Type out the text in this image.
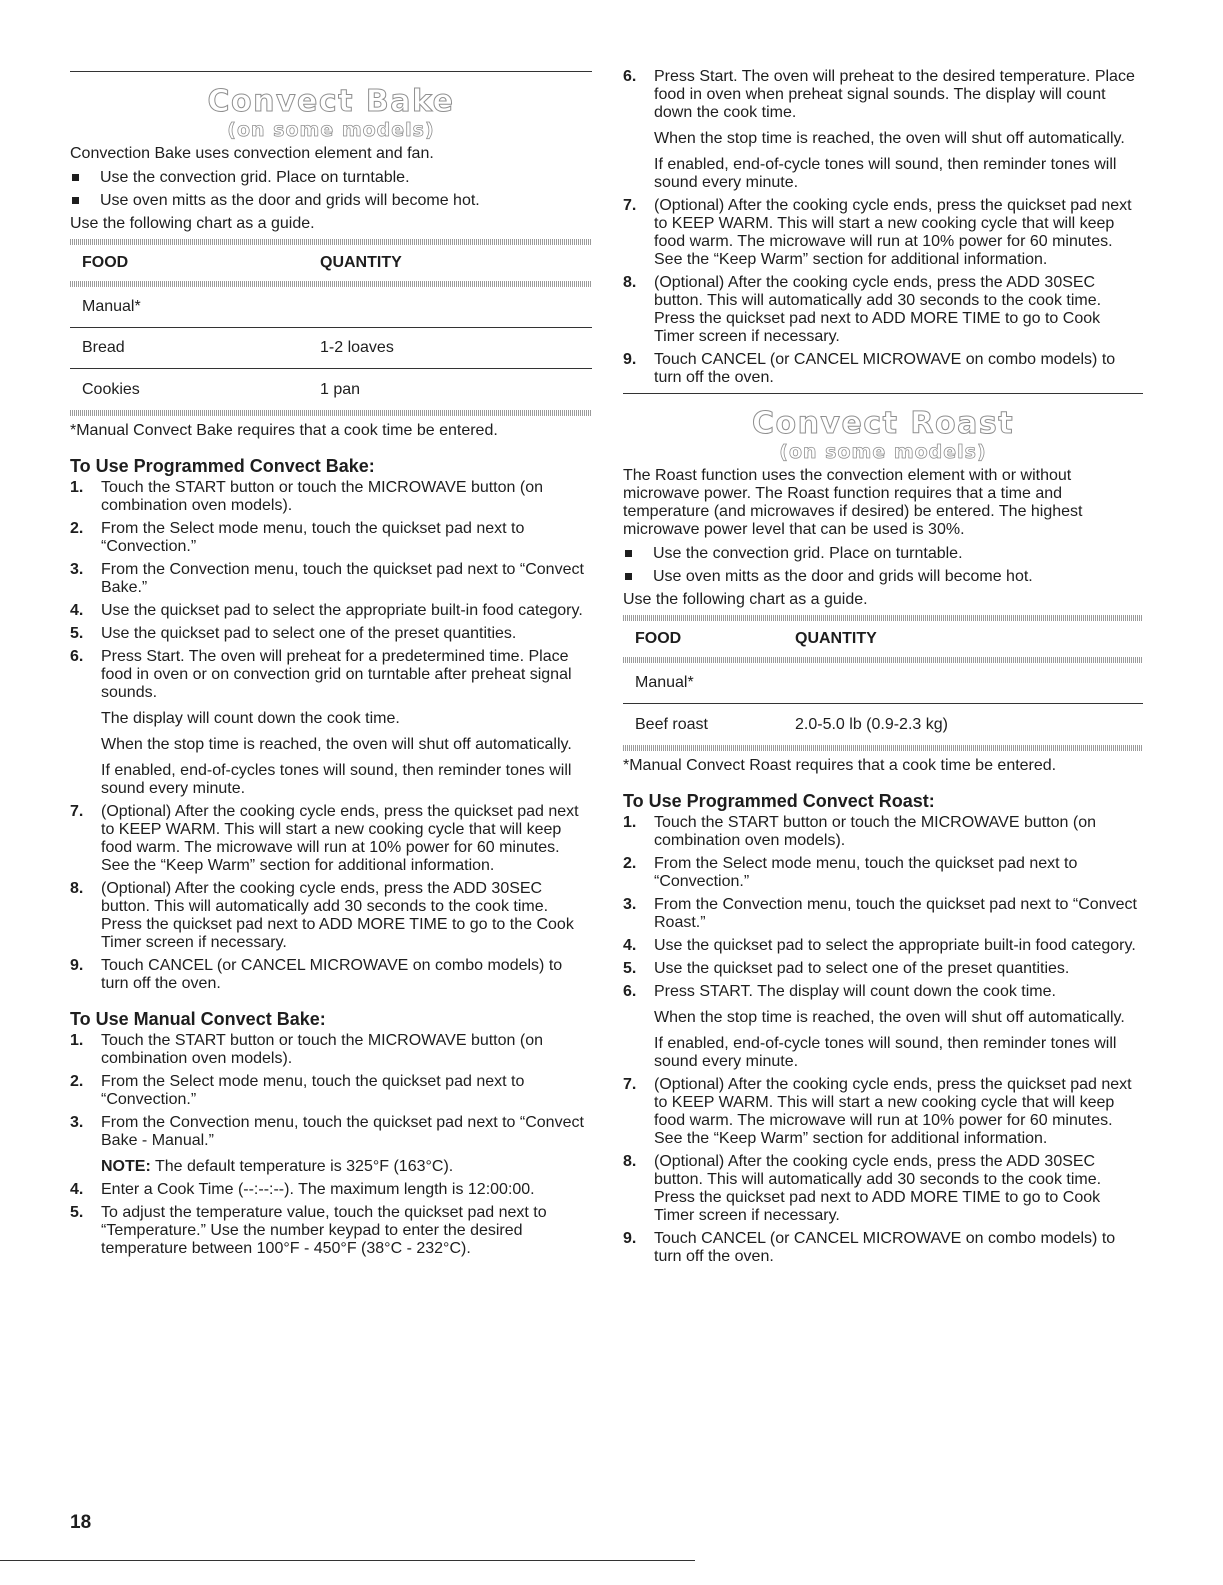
Convect Bake
(on some models)

Convection Bake uses convection element and fan.

Use the convection grid. Place on turntable.
Use oven mitts as the door and grids will become hot.

Use the following chart as a guide.

FOOD	QUANTITY
Manual*
Bread	1-2 loaves
Cookies	1 pan

*Manual Convect Bake requires that a cook time be entered.

To Use Programmed Convect Bake:
1.	Touch the START button or touch the MICROWAVE button (on combination oven models).

2.	From the Select mode menu, touch the quickset pad next to “Convection.”

3.	From the Convection menu, touch the quickset pad next to “Convect Bake.”

4.	Use the quickset pad to select the appropriate built-in food category.

5.	Use the quickset pad to select one of the preset quantities.

6.	Press Start. The oven will preheat for a predetermined time. Place food in oven or on convection grid on turntable after preheat signal sounds.

The display will count down the cook time.

When the stop time is reached, the oven will shut off automatically.

If enabled, end-of-cycles tones will sound, then reminder tones will sound every minute.

7.	(Optional) After the cooking cycle ends, press the quickset pad next to KEEP WARM. This will start a new cooking cycle that will keep food warm. The microwave will run at 10% power for 60 minutes. See the “Keep Warm” section for additional information.

8.	(Optional) After the cooking cycle ends, press the ADD 30SEC button. This will automatically add 30 seconds to the cook time. Press the quickset pad next to ADD MORE TIME to go to the Cook Timer screen if necessary.

9.	Touch CANCEL (or CANCEL MICROWAVE on combo models) to turn off the oven.

To Use Manual Convect Bake:
1.	Touch the START button or touch the MICROWAVE button (on combination oven models).

2.	From the Select mode menu, touch the quickset pad next to “Convection.”

3.	From the Convection menu, touch the quickset pad next to “Convect Bake - Manual.”

NOTE: The default temperature is 325°F (163°C).

4.	Enter a Cook Time (--:--:--). The maximum length is 12:00:00.

5.	To adjust the temperature value, touch the quickset pad next to “Temperature.” Use the number keypad to enter the desired temperature between 100°F - 450°F (38°C - 232°C).

6.	Press Start. The oven will preheat to the desired temperature. Place food in oven when preheat signal sounds. The display will count down the cook time.

When the stop time is reached, the oven will shut off automatically.

If enabled, end-of-cycle tones will sound, then reminder tones will sound every minute.

7.	(Optional) After the cooking cycle ends, press the quickset pad next to KEEP WARM. This will start a new cooking cycle that will keep food warm. The microwave will run at 10% power for 60 minutes. See the “Keep Warm” section for additional information.

8.	(Optional) After the cooking cycle ends, press the ADD 30SEC button. This will automatically add 30 seconds to the cook time. Press the quickset pad next to ADD MORE TIME to go to Cook Timer screen if necessary.

9.	Touch CANCEL (or CANCEL MICROWAVE on combo models) to turn off the oven.

Convect Roast
(on some models)

The Roast function uses the convection element with or without microwave power. The Roast function requires that a time and temperature (and microwaves if desired) be entered. The highest microwave power level that can be used is 30%.

Use the convection grid. Place on turntable.
Use oven mitts as the door and grids will become hot.

Use the following chart as a guide.

FOOD	QUANTITY
Manual*
Beef roast	2.0-5.0 lb (0.9-2.3 kg)

*Manual Convect Roast requires that a cook time be entered.

To Use Programmed Convect Roast:
1.	Touch the START button or touch the MICROWAVE button (on combination oven models).

2.	From the Select mode menu, touch the quickset pad next to “Convection.”

3.	From the Convection menu, touch the quickset pad next to “Convect Roast.”

4.	Use the quickset pad to select the appropriate built-in food category.

5.	Use the quickset pad to select one of the preset quantities.

6.	Press START. The display will count down the cook time.

When the stop time is reached, the oven will shut off automatically.

If enabled, end-of-cycle tones will sound, then reminder tones will sound every minute.

7.	(Optional) After the cooking cycle ends, press the quickset pad next to KEEP WARM. This will start a new cooking cycle that will keep food warm. The microwave will run at 10% power for 60 minutes. See the “Keep Warm” section for additional information.

8.	(Optional) After the cooking cycle ends, press the ADD 30SEC button. This will automatically add 30 seconds to the cook time. Press the quickset pad next to ADD MORE TIME to go to Cook Timer screen if necessary.

9.	Touch CANCEL (or CANCEL MICROWAVE on combo models) to turn off the oven.

18
